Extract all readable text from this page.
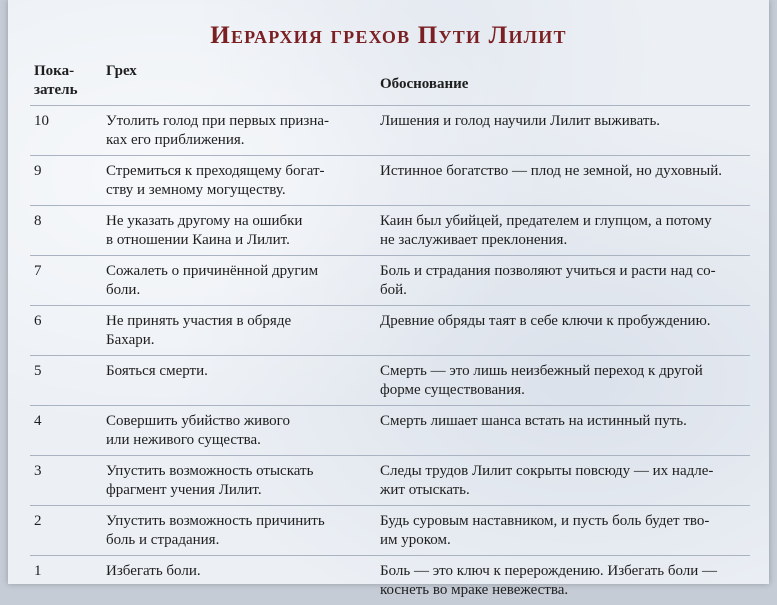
Иерархия грехов Пути Лилит
Пока-
затель	Грех	Обоснование
10	Утолить голод при первых призна-
ках его приближения.	Лишения и голод научили Лилит выживать.
9	Стремиться к преходящему богат-
ству и земному могуществу.	Истинное богатство — плод не земной, но духовный.
8	Не указать другому на ошибки
в отношении Каина и Лилит.	Каин был убийцей, предателем и глупцом, а потому
не заслуживает преклонения.
7	Сожалеть о причинённой другим
боли.	Боль и страдания позволяют учиться и расти над со-
бой.
6	Не принять участия в обряде
Бахари.	Древние обряды таят в себе ключи к пробуждению.
5	Бояться смерти.	Смерть — это лишь неизбежный переход к другой
форме существования.
4	Совершить убийство живого
или неживого существа.	Смерть лишает шанса встать на истинный путь.
3	Упустить возможность отыскать
фрагмент учения Лилит.	Следы трудов Лилит сокрыты повсюду — их надле-
жит отыскать.
2	Упустить возможность причинить
боль и страдания.	Будь суровым наставником, и пусть боль будет тво-
им уроком.
1	Избегать боли.	Боль — это ключ к перерождению. Избегать боли —
коснеть во мраке невежества.
